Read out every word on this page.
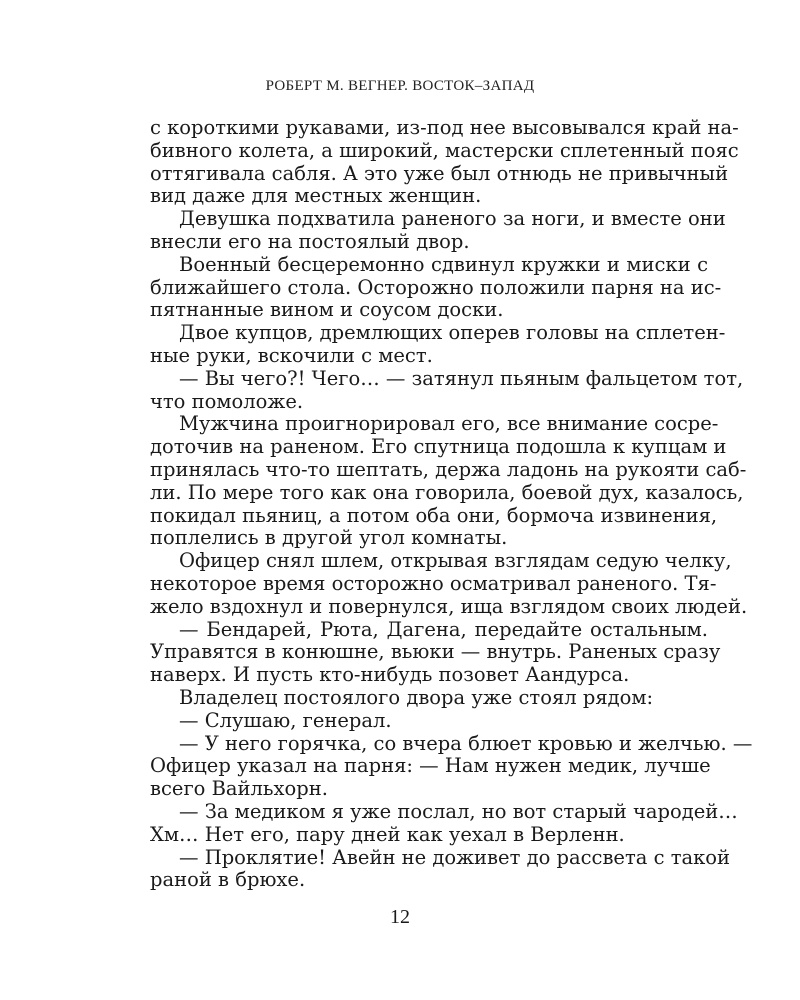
РОБЕРТ М. ВЕГНЕР. ВОСТОК–ЗАПАД
с короткими рукавами, из-под нее высовывался край на-
бивного колета, а широкий, мастерски сплетенный пояс
оттягивала сабля. А это уже был отнюдь не привычный
вид даже для местных женщин.
Девушка подхватила раненого за ноги, и вместе они
внесли его на постоялый двор.
Военный бесцеремонно сдвинул кружки и миски с
ближайшего стола. Осторожно положили парня на ис-
пятнанные вином и соусом доски.
Двое купцов, дремлющих оперев головы на сплетен-
ные руки, вскочили с мест.
— Вы чего?! Чего… — затянул пьяным фальцетом тот,
что помоложе.
Мужчина проигнорировал его, все внимание сосре-
доточив на раненом. Его спутница подошла к купцам и
принялась что-то шептать, держа ладонь на рукояти саб-
ли. По мере того как она говорила, боевой дух, казалось,
покидал пьяниц, а потом оба они, бормоча извинения,
поплелись в другой угол комнаты.
Офицер снял шлем, открывая взглядам седую челку,
некоторое время осторожно осматривал раненого. Тя-
жело вздохнул и повернулся, ища взглядом своих людей.
— Бендарей, Рюта, Дагена, передайте остальным.
Управятся в конюшне, вьюки — внутрь. Раненых сразу
наверх. И пусть кто-нибудь позовет Аандурса.
Владелец постоялого двора уже стоял рядом:
— Слушаю, генерал.
— У него горячка, со вчера блюет кровью и желчью. —
Офицер указал на парня: — Нам нужен медик, лучше
всего Вайльхорн.
— За медиком я уже послал, но вот старый чародей…
Хм… Нет его, пару дней как уехал в Верленн.
— Проклятие! Авейн не доживет до рассвета с такой
раной в брюхе.
12
